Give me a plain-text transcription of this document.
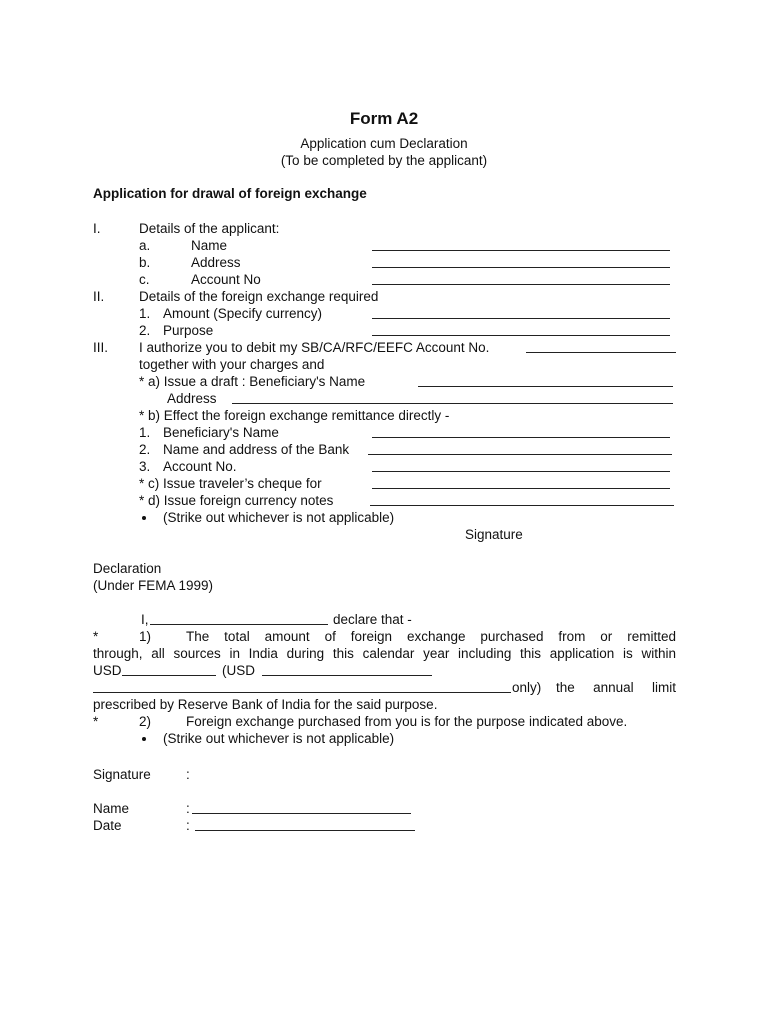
Form A2
Application cum Declaration
(To be completed by the applicant)
Application for drawal of foreign exchange
I.	Details of the applicant:
a.	Name
b.	Address
c.	Account No
II.	Details of the foreign exchange required
1. Amount (Specify currency)
2. Purpose
III. I authorize you to debit my SB/CA/RFC/EEFC Account No.
together with your charges and
* a) Issue a draft : Beneficiary's Name
Address
* b) Effect the foreign exchange remittance directly -
1. Beneficiary's Name
2. Name and address of the Bank
3. Account No.
* c) Issue traveler’s cheque for
* d) Issue foreign currency notes
(Strike out whichever is not applicable)
Signature
Declaration
(Under FEMA 1999)
I,	declare that -
*	1)	The total amount of foreign exchange purchased from or remitted
through, all sources in India during this calendar year including this application is within
USD	(USD
only) the annual limit
prescribed by Reserve Bank of India for the said purpose.
*	2)	Foreign exchange purchased from you is for the purpose indicated above.
(Strike out whichever is not applicable)
Signature	:
Name	:
Date	:
